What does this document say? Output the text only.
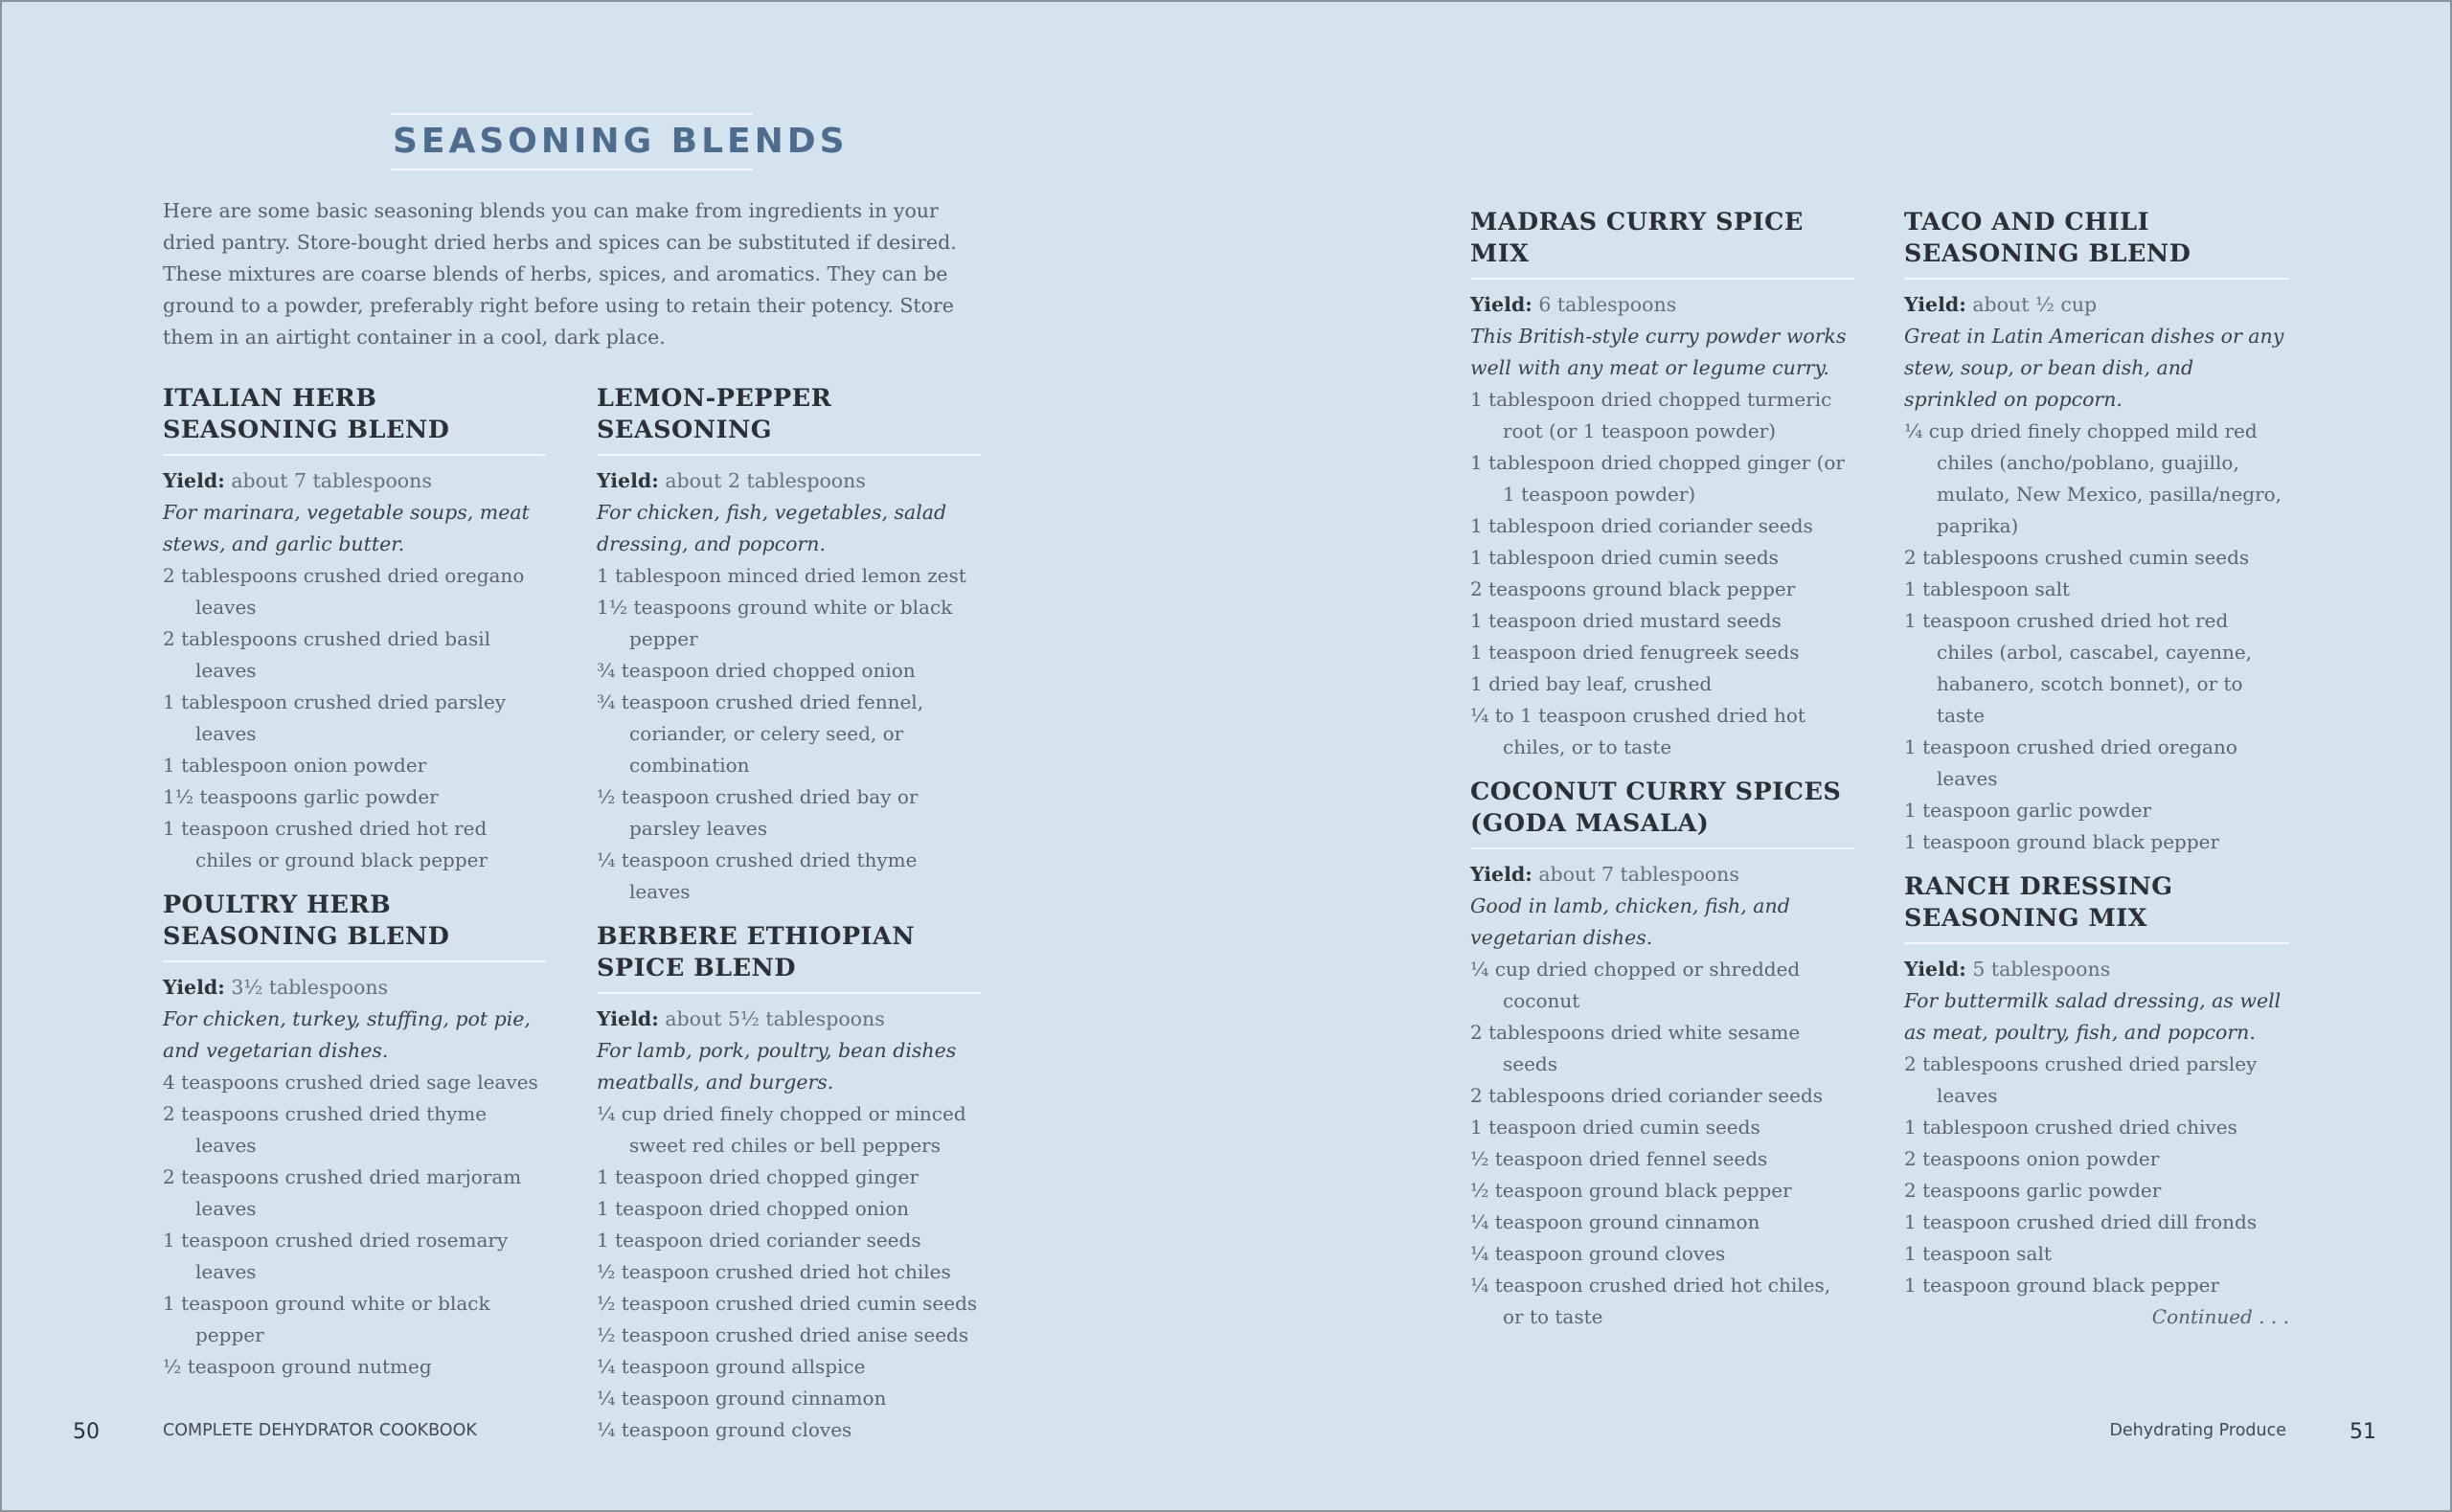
SEASONING BLENDS

Here are some basic seasoning blends you can make from ingredients in your dried pantry. Store-bought dried herbs and spices can be substituted if desired. These mixtures are coarse blends of herbs, spices, and aromatics. They can be ground to a powder, preferably right before using to retain their potency. Store them in an airtight container in a cool, dark place.

ITALIAN HERB
SEASONING BLEND
Yield: about 7 tablespoons
For marinara, vegetable soups, meat stews, and garlic butter.
2 tablespoons crushed dried oregano leaves
2 tablespoons crushed dried basil leaves
1 tablespoon crushed dried parsley leaves
1 tablespoon onion powder
1½ teaspoons garlic powder
1 teaspoon crushed dried hot red chiles or ground black pepper
POULTRY HERB
SEASONING BLEND
Yield: 3½ tablespoons
For chicken, turkey, stuffing, pot pie, and vegetarian dishes.
4 teaspoons crushed dried sage leaves
2 teaspoons crushed dried thyme leaves
2 teaspoons crushed dried marjoram leaves
1 teaspoon crushed dried rosemary leaves
1 teaspoon ground white or black pepper
½ teaspoon ground nutmeg
LEMON-PEPPER SEASONING
Yield: about 2 tablespoons
For chicken, fish, vegetables, salad dressing, and popcorn.
1 tablespoon minced dried lemon zest
1½ teaspoons ground white or black pepper
¾ teaspoon dried chopped onion
¾ teaspoon crushed dried fennel, coriander, or celery seed, or combination
½ teaspoon crushed dried bay or parsley leaves
¼ teaspoon crushed dried thyme leaves
BERBERE ETHIOPIAN
SPICE BLEND
Yield: about 5½ tablespoons
For lamb, pork, poultry, bean dishes meatballs, and burgers.
¼ cup dried finely chopped or minced sweet red chiles or bell peppers
1 teaspoon dried chopped ginger
1 teaspoon dried chopped onion
1 teaspoon dried coriander seeds
½ teaspoon crushed dried hot chiles
½ teaspoon crushed dried cumin seeds
½ teaspoon crushed dried anise seeds
¼ teaspoon ground allspice
¼ teaspoon ground cinnamon
¼ teaspoon ground cloves
MADRAS CURRY SPICE MIX
Yield: 6 tablespoons
This British-style curry powder works well with any meat or legume curry.
1 tablespoon dried chopped turmeric root (or 1 teaspoon powder)
1 tablespoon dried chopped ginger (or 1 teaspoon powder)
1 tablespoon dried coriander seeds
1 tablespoon dried cumin seeds
2 teaspoons ground black pepper
1 teaspoon dried mustard seeds
1 teaspoon dried fenugreek seeds
1 dried bay leaf, crushed
¼ to 1 teaspoon crushed dried hot chiles, or to taste
COCONUT CURRY SPICES
(GODA MASALA)
Yield: about 7 tablespoons
Good in lamb, chicken, fish, and vegetarian dishes.
¼ cup dried chopped or shredded coconut
2 tablespoons dried white sesame seeds
2 tablespoons dried coriander seeds
1 teaspoon dried cumin seeds
½ teaspoon dried fennel seeds
½ teaspoon ground black pepper
¼ teaspoon ground cinnamon
¼ teaspoon ground cloves
¼ teaspoon crushed dried hot chiles, or to taste
TACO AND CHILI
SEASONING BLEND
Yield: about ½ cup
Great in Latin American dishes or any stew, soup, or bean dish, and sprinkled on popcorn.
¼ cup dried finely chopped mild red chiles (ancho/poblano, guajillo, mulato, New Mexico, pasilla/negro, paprika)
2 tablespoons crushed cumin seeds
1 tablespoon salt
1 teaspoon crushed dried hot red chiles (arbol, cascabel, cayenne, habanero, scotch bonnet), or to taste
1 teaspoon crushed dried oregano leaves
1 teaspoon garlic powder
1 teaspoon ground black pepper
RANCH DRESSING
SEASONING MIX
Yield: 5 tablespoons
For buttermilk salad dressing, as well as meat, poultry, fish, and popcorn.
2 tablespoons crushed dried parsley leaves
1 tablespoon crushed dried chives
2 teaspoons onion powder
2 teaspoons garlic powder
1 teaspoon crushed dried dill fronds
1 teaspoon salt
1 teaspoon ground black pepper
Continued . . .
50	COMPLETE DEHYDRATOR COOKBOOK	Dehydrating Produce	51
